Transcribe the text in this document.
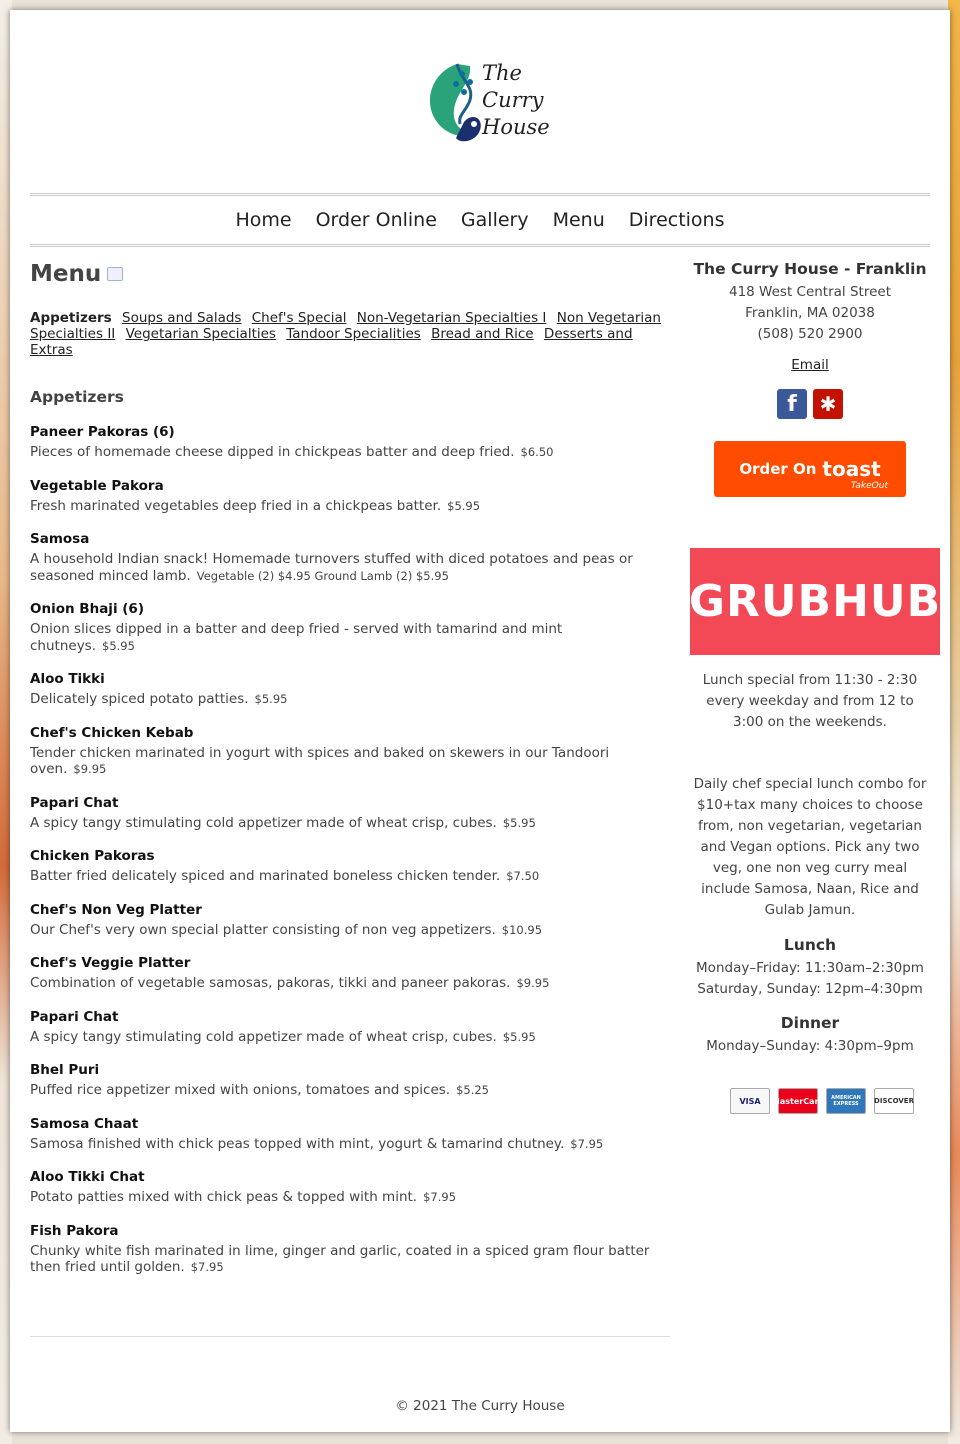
The
Curry
House
Home Order Online Gallery Menu Directions
Menu
Appetizers Soups and Salads Chef's Special Non-Vegetarian Specialties I Non Vegetarian Specialties II Vegetarian Specialties Tandoor Specialities Bread and Rice Desserts and Extras
Appetizers
Paneer Pakoras (6)
Pieces of homemade cheese dipped in chickpeas batter and deep fried. $6.50
Vegetable Pakora
Fresh marinated vegetables deep fried in a chickpeas batter. $5.95
Samosa
A household Indian snack! Homemade turnovers stuffed with diced potatoes and peas or seasoned minced lamb. Vegetable (2) $4.95 Ground Lamb (2) $5.95
Onion Bhaji (6)
Onion slices dipped in a batter and deep fried - served with tamarind and mint chutneys. $5.95
Aloo Tikki
Delicately spiced potato patties. $5.95
Chef's Chicken Kebab
Tender chicken marinated in yogurt with spices and baked on skewers in our Tandoori oven. $9.95
Papari Chat
A spicy tangy stimulating cold appetizer made of wheat crisp, cubes. $5.95
Chicken Pakoras
Batter fried delicately spiced and marinated boneless chicken tender. $7.50
Chef's Non Veg Platter
Our Chef's very own special platter consisting of non veg appetizers. $10.95
Chef's Veggie Platter
Combination of vegetable samosas, pakoras, tikki and paneer pakoras. $9.95
Papari Chat
A spicy tangy stimulating cold appetizer made of wheat crisp, cubes. $5.95
Bhel Puri
Puffed rice appetizer mixed with onions, tomatoes and spices. $5.25
Samosa Chaat
Samosa finished with chick peas topped with mint, yogurt & tamarind chutney. $7.95
Aloo Tikki Chat
Potato patties mixed with chick peas & topped with mint. $7.95
Fish Pakora
Chunky white fish marinated in lime, ginger and garlic, coated in a spiced gram flour batter then fried until golden. $7.95
The Curry House - Franklin
418 West Central Street
Franklin, MA 02038
(508) 520 2900
Email
f	✱
Order On toast
TakeOut
GRUBHUB
Lunch special from 11:30 - 2:30 every weekday and from 12 to 3:00 on the weekends.
Daily chef special lunch combo for $10+tax many choices to choose from, non vegetarian, vegetarian and Vegan options. Pick any two veg, one non veg curry meal include Samosa, Naan, Rice and Gulab Jamun.
Lunch
Monday–Friday: 11:30am–2:30pm
Saturday, Sunday: 12pm–4:30pm
Dinner
Monday–Sunday: 4:30pm–9pm
VISA	MasterCard	AMERICAN EXPRESS	DISCOVER
© 2021 The Curry House
